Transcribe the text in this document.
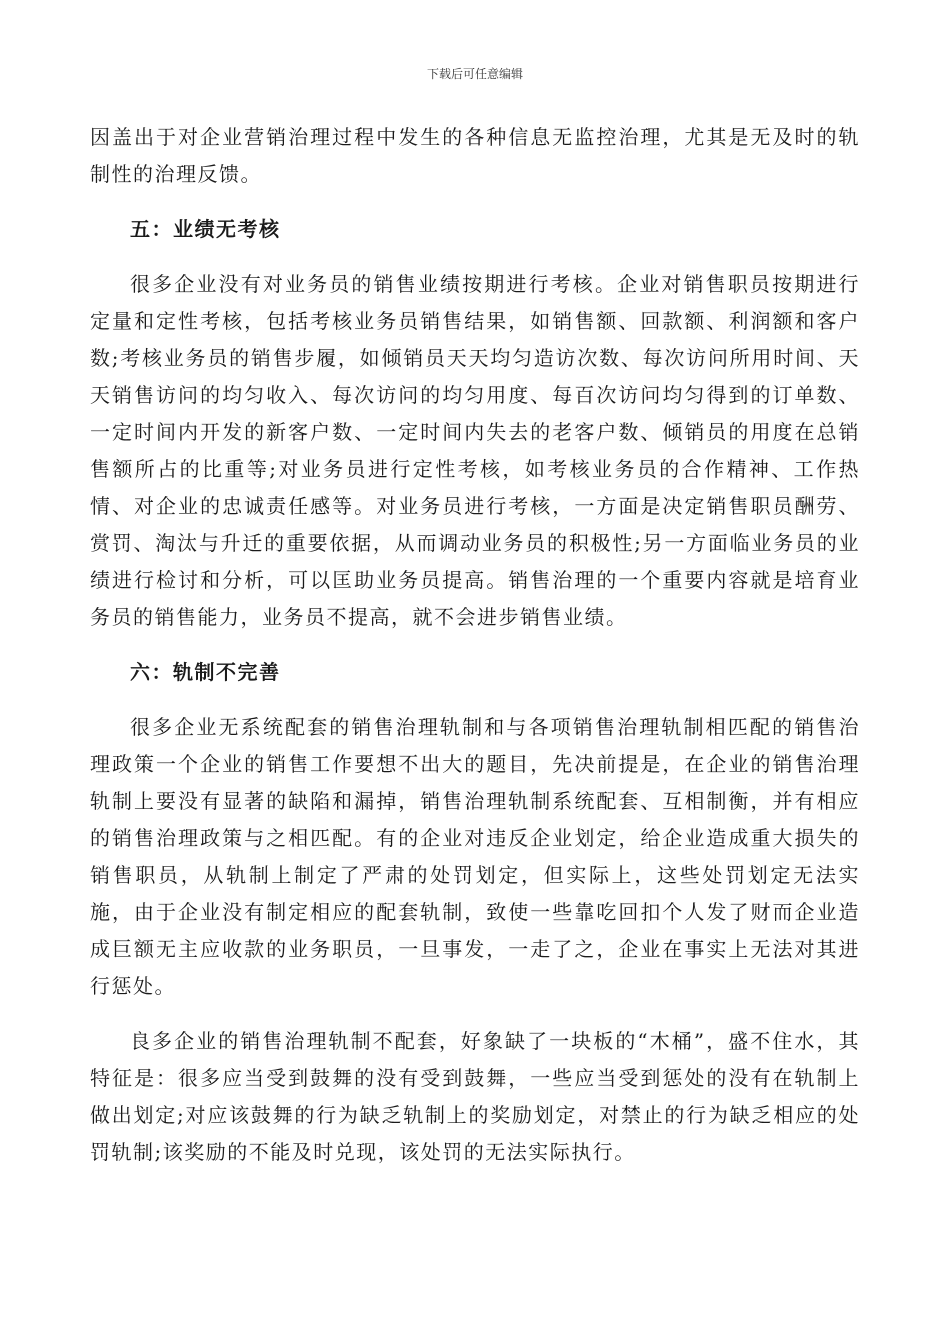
下载后可任意编辑

因盖出于对企业营销治理过程中发生的各种信息无监控治理，尤其是无及时的轨制性的治理反馈。

五：业绩无考核

很多企业没有对业务员的销售业绩按期进行考核。企业对销售职员按期进行定量和定性考核，包括考核业务员销售结果，如销售额、回款额、利润额和客户数;考核业务员的销售步履，如倾销员天天均匀造访次数、每次访问所用时间、天天销售访问的均匀收入、每次访问的均匀用度、每百次访问均匀得到的订单数、一定时间内开发的新客户数、一定时间内失去的老客户数、倾销员的用度在总销售额所占的比重等;对业务员进行定性考核，如考核业务员的合作精神、工作热情、对企业的忠诚责任感等。对业务员进行考核，一方面是决定销售职员酬劳、赏罚、淘汰与升迁的重要依据，从而调动业务员的积极性;另一方面临业务员的业绩进行检讨和分析，可以匡助业务员提高。销售治理的一个重要内容就是培育业务员的销售能力，业务员不提高，就不会进步销售业绩。

六：轨制不完善

很多企业无系统配套的销售治理轨制和与各项销售治理轨制相匹配的销售治理政策一个企业的销售工作要想不出大的题目，先决前提是，在企业的销售治理轨制上要没有显著的缺陷和漏掉，销售治理轨制系统配套、互相制衡，并有相应的销售治理政策与之相匹配。有的企业对违反企业划定，给企业造成重大损失的销售职员，从轨制上制定了严肃的处罚划定，但实际上，这些处罚划定无法实施，由于企业没有制定相应的配套轨制，致使一些靠吃回扣个人发了财而企业造成巨额无主应收款的业务职员，一旦事发，一走了之，企业在事实上无法对其进行惩处。

良多企业的销售治理轨制不配套，好象缺了一块板的“木桶”，盛不住水，其特征是：很多应当受到鼓舞的没有受到鼓舞，一些应当受到惩处的没有在轨制上做出划定;对应该鼓舞的行为缺乏轨制上的奖励划定，对禁止的行为缺乏相应的处罚轨制;该奖励的不能及时兑现，该处罚的无法实际执行。
